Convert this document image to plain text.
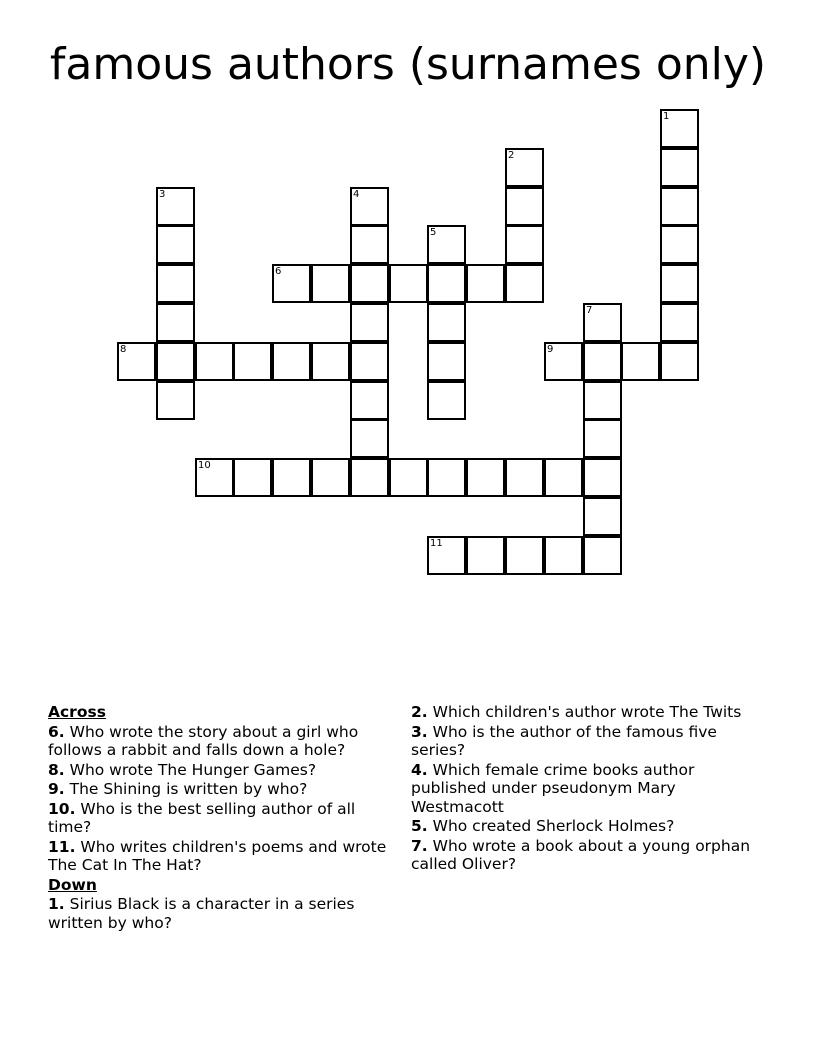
famous authors (surnames only)
1
2
3	4
5
6
7
8	9
10
11
Across
6. Who wrote the story about a girl who follows a rabbit and falls down a hole?
8. Who wrote The Hunger Games?
9. The Shining is written by who?
10. Who is the best selling author of all time?
11. Who writes children's poems and wrote The Cat In The Hat?
Down
1. Sirius Black is a character in a series written by who?
2. Which children's author wrote The Twits
3. Who is the author of the famous five series?
4. Which female crime books author published under pseudonym Mary Westmacott
5. Who created Sherlock Holmes?
7. Who wrote a book about a young orphan called Oliver?
